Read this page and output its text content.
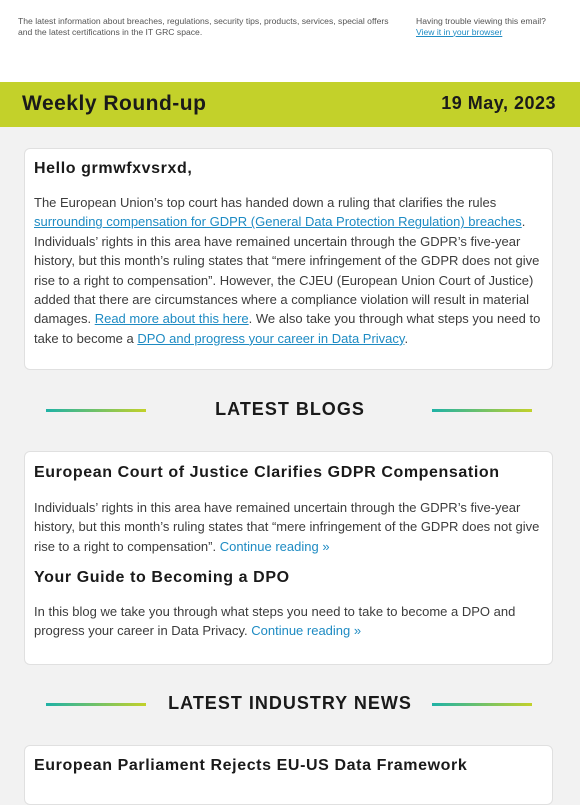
The latest information about breaches, regulations, security tips, products, services, special offers and the latest certifications in the IT GRC space.
Having trouble viewing this email?
View it in your browser
Weekly Round-up	19 May, 2023
Hello grmwfxvsrxd,

The European Union’s top court has handed down a ruling that clarifies the rules surrounding compensation for GDPR (General Data Protection Regulation) breaches. Individuals’ rights in this area have remained uncertain through the GDPR’s five-year history, but this month’s ruling states that “mere infringement of the GDPR does not give rise to a right to compensation”. However, the CJEU (European Union Court of Justice) added that there are circumstances where a compliance violation will result in material damages. Read more about this here. We also take you through what steps you need to take to become a DPO and progress your career in Data Privacy.

LATEST BLOGS
European Court of Justice Clarifies GDPR Compensation

Individuals’ rights in this area have remained uncertain through the GDPR’s five-year history, but this month’s ruling states that “mere infringement of the GDPR does not give rise to a right to compensation”. Continue reading »

Your Guide to Becoming a DPO

In this blog we take you through what steps you need to take to become a DPO and progress your career in Data Privacy. Continue reading »

LATEST INDUSTRY NEWS
European Parliament Rejects EU-US Data Framework
